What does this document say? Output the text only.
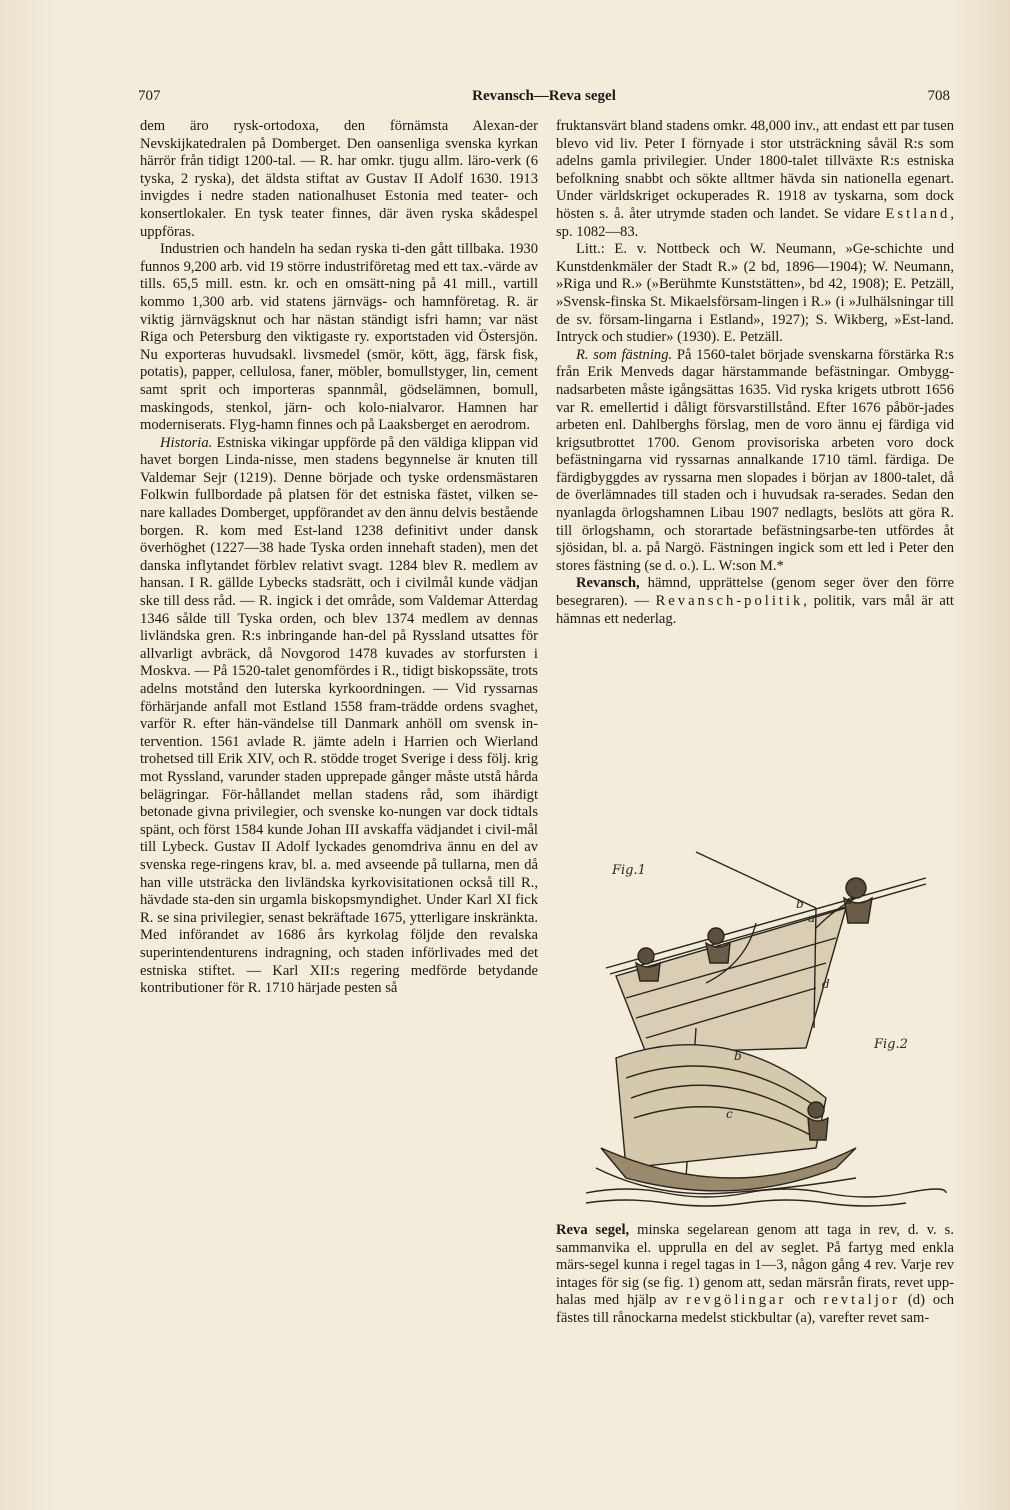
707	Revansch—Reva segel	708

dem äro rysk-ortodoxa, den förnämsta Alexan-der Nevskijkatedralen på Domberget. Den oansenliga svenska kyrkan härrör från tidigt 1200-tal. — R. har omkr. tjugu allm. läro-verk (6 tyska, 2 ryska), det äldsta stiftat av Gustav II Adolf 1630. 1913 invigdes i nedre staden nationalhuset Estonia med teater- och konsertlokaler. En tysk teater finnes, där även ryska skådespel uppföras.

Industrien och handeln ha sedan ryska ti-den gått tillbaka. 1930 funnos 9,200 arb. vid 19 större industriföretag med ett tax.-värde av tills. 65,5 mill. estn. kr. och en omsätt-ning på 41 mill., vartill kommo 1,300 arb. vid statens järnvägs- och hamnföretag. R. är viktig järnvägsknut och har nästan ständigt isfri hamn; var näst Riga och Petersburg den viktigaste ry. exportstaden vid Östersjön. Nu exporteras huvudsakl. livsmedel (smör, kött, ägg, färsk fisk, potatis), papper, cellulosa, faner, möbler, bomullstyger, lin, cement samt sprit och importeras spannmål, gödselämnen, bomull, maskingods, stenkol, järn- och kolo-nialvaror. Hamnen har moderniserats. Flyg-hamn finnes och på Laaksberget en aerodrom.

Historia. Estniska vikingar uppförde på den väldiga klippan vid havet borgen Linda-nisse, men stadens begynnelse är knuten till Valdemar Sejr (1219). Denne började och tyske ordensmästaren Folkwin fullbordade på platsen för det estniska fästet, vilken se-nare kallades Domberget, uppförandet av den ännu delvis bestående borgen. R. kom med Est-land 1238 definitivt under dansk överhöghet (1227—38 hade Tyska orden innehaft staden), men det danska inflytandet förblev relativt svagt. 1284 blev R. medlem av hansan. I R. gällde Lybecks stadsrätt, och i civilmål kunde vädjan ske till dess råd. — R. ingick i det område, som Valdemar Atterdag 1346 sålde till Tyska orden, och blev 1374 medlem av dennas livländska gren. R:s inbringande han-del på Ryssland utsattes för allvarligt avbräck, då Novgorod 1478 kuvades av storfursten i Moskva. — På 1520-talet genomfördes i R., tidigt biskopssäte, trots adelns motstånd den luterska kyrkoordningen. — Vid ryssarnas förhärjande anfall mot Estland 1558 fram-trädde ordens svaghet, varför R. efter hän-vändelse till Danmark anhöll om svensk in-tervention. 1561 avlade R. jämte adeln i Harrien och Wierland trohetsed till Erik XIV, och R. stödde troget Sverige i dess följ. krig mot Ryssland, varunder staden upprepade gånger måste utstå hårda belägringar. För-hållandet mellan stadens råd, som ihärdigt betonade givna privilegier, och svenske ko-nungen var dock tidtals spänt, och först 1584 kunde Johan III avskaffa vädjandet i civil-mål till Lybeck. Gustav II Adolf lyckades genomdriva ännu en del av svenska rege-ringens krav, bl. a. med avseende på tullarna, men då han ville utsträcka den livländska kyrkovisitationen också till R., hävdade sta-den sin urgamla biskopsmyndighet. Under Karl XI fick R. se sina privilegier, senast bekräftade 1675, ytterligare inskränkta. Med införandet av 1686 års kyrkolag följde den revalska superintendenturens indragning, och staden införlivades med det estniska stiftet. — Karl XII:s regering medförde betydande kontributioner för R. 1710 härjade pesten så

fruktansvärt bland stadens omkr. 48,000 inv., att endast ett par tusen blevo vid liv. Peter I förnyade i stor utsträckning såväl R:s som adelns gamla privilegier. Under 1800-talet tillväxte R:s estniska befolkning snabbt och sökte alltmer hävda sin nationella egenart. Under världskriget ockuperades R. 1918 av tyskarna, som dock hösten s. å. åter utrymde staden och landet. Se vidare Estland, sp. 1082—83.

Litt.: E. v. Nottbeck och W. Neumann, »Ge-schichte und Kunstdenkmäler der Stadt R.» (2 bd, 1896—1904); W. Neumann, »Riga und R.» (»Berühmte Kunststätten», bd 42, 1908); E. Petzäll, »Svensk-finska St. Mikaelsförsam-lingen i R.» (i »Julhälsningar till de sv. försam-lingarna i Estland», 1927); S. Wikberg, »Est-land. Intryck och studier» (1930). E. Petzäll.

R. som fästning. På 1560-talet började svenskarna förstärka R:s från Erik Menveds dagar härstammande befästningar. Ombygg-nadsarbeten måste igångsättas 1635. Vid ryska krigets utbrott 1656 var R. emellertid i dåligt försvarstillstånd. Efter 1676 påbör-jades arbeten enl. Dahlberghs förslag, men de voro ännu ej färdiga vid krigsutbrottet 1700. Genom provisoriska arbeten voro dock befästningarna vid ryssarnas annalkande 1710 täml. färdiga. De färdigbyggdes av ryssarna men slopades i början av 1800-talet, då de överlämnades till staden och i huvudsak ra-serades. Sedan den nyanlagda örlogshamnen Libau 1907 nedlagts, beslöts att göra R. till örlogshamn, och storartade befästningsarbe-ten utfördes åt sjösidan, bl. a. på Nargö. Fästningen ingick som ett led i Peter den stores fästning (se d. o.). L. W:son M.*

Revansch, hämnd, upprättelse (genom seger över den förre besegraren). — Revansch-politik, politik, vars mål är att hämnas ett nederlag.

Fig.1
a
b	c
d
Fig.2
b
c

Reva segel, minska segelarean genom att taga in rev, d. v. s. sammanvika el. upprulla en del av seglet. På fartyg med enkla märs-segel kunna i regel tagas in 1—3, någon gång 4 rev. Varje rev intages för sig (se fig. 1) genom att, sedan märsrån firats, revet upp-halas med hjälp av revgölingar och revtaljor (d) och fästes till rånockarna medelst stickbultar (a), varefter revet sam-
